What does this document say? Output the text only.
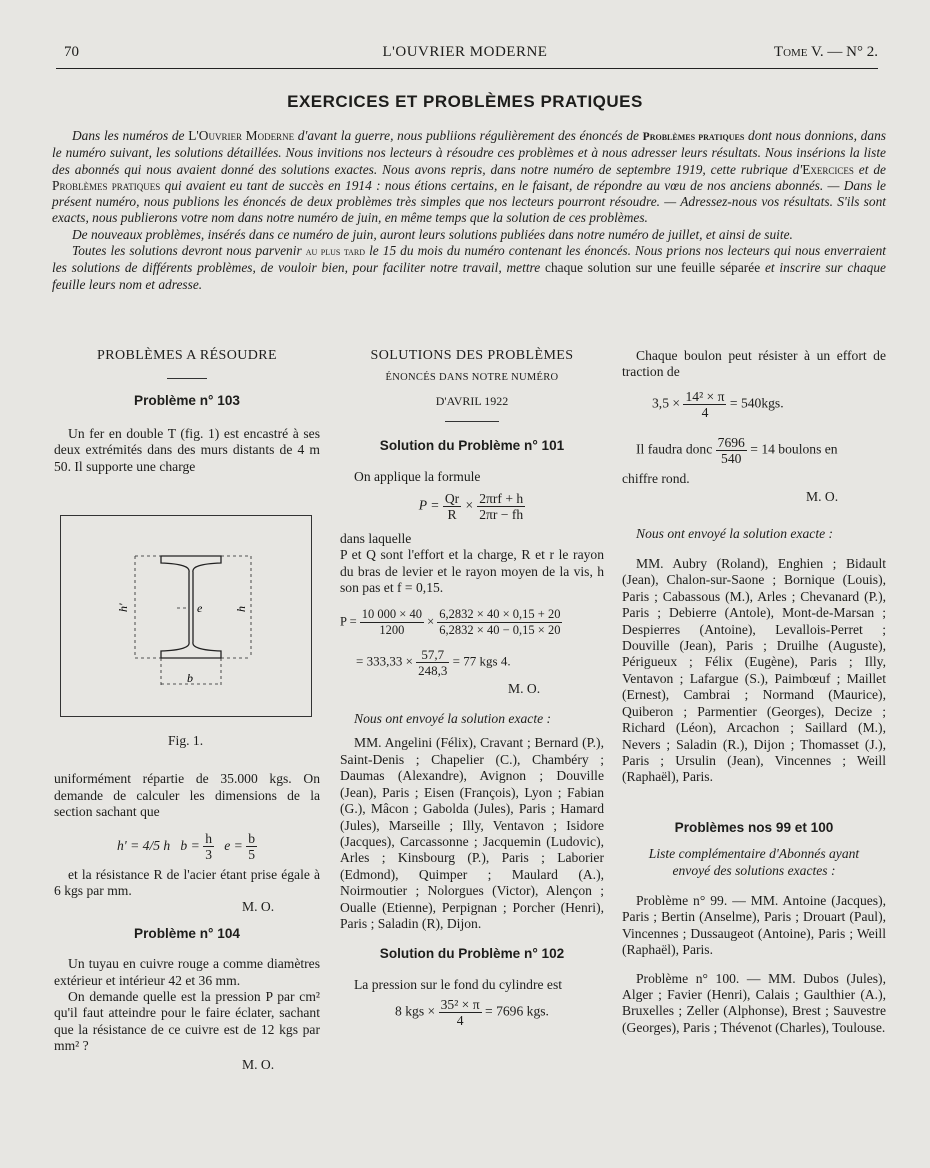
70	L'OUVRIER MODERNE	Tome V. — N° 2.
EXERCICES ET PROBLÈMES PRATIQUES

Dans les numéros de L'Ouvrier Moderne d'avant la guerre, nous publiions régulièrement des énoncés de Problèmes pratiques dont nous donnions, dans le numéro suivant, les solutions détaillées. Nous invitions nos lecteurs à résoudre ces problèmes et à nous adresser leurs résultats. Nous insérions la liste des abonnés qui nous avaient donné des solutions exactes. Nous avons repris, dans notre numéro de septembre 1919, cette rubrique d'Exercices et de Problèmes pratiques qui avaient eu tant de succès en 1914 : nous étions certains, en le faisant, de répondre au vœu de nos anciens abonnés. — Dans le présent numéro, nous publions les énoncés de deux problèmes très simples que nos lecteurs pourront résoudre. — Adressez-nous vos résultats. S'ils sont exacts, nous publierons votre nom dans notre numéro de juin, en même temps que la solution de ces problèmes.

De nouveaux problèmes, insérés dans ce numéro de juin, auront leurs solutions publiées dans notre numéro de juillet, et ainsi de suite.

Toutes les solutions devront nous parvenir au plus tard le 15 du mois du numéro contenant les énoncés. Nous prions nos lecteurs qui nous enverraient les solutions de différents problèmes, de vouloir bien, pour faciliter notre travail, mettre chaque solution sur une feuille séparée et inscrire sur chaque feuille leurs nom et adresse.

PROBLÈMES A RÉSOUDRE
Problème n° 103

Un fer en double T (fig. 1) est encastré à ses deux extrémités dans des murs distants de 4 m 50. Il supporte une charge

h'	e	h
b
Fig. 1.

uniformément répartie de 35.000 kgs. On demande de calculer les dimensions de la section sachant que

h' = 4/5 h $b = \frac{h}{3}$ $e = \frac{b}{5}$

et la résistance R de l'acier étant prise égale à 6 kgs par mm.

M. O.
Problème n° 104

Un tuyau en cuivre rouge a comme diamètres extérieur et intérieur 42 et 36 mm.

On demande quelle est la pression P par cm² qu'il faut atteindre pour le faire éclater, sachant que la résistance de ce cuivre est de 12 kgs par mm² ?

M. O.
SOLUTIONS DES PROBLÈMES
ÉNONCÉS DANS NOTRE NUMÉRO
D'AVRIL 1922
Solution du Problème n° 101

On applique la formule

$P = \frac{Qr}{R} \times \frac{\text{2πrf + h}}{2\pi r - fh}$

dans laquelle

P et Q sont l'effort et la charge, R et r le rayon du bras de levier et le rayon moyen de la vis, h son pas et f = 0,15.

$P = \frac{10 000 \times 40}{1200} \times \frac{6,2832 \times 40 \times 0,15 + 20}{6,2832 \times 40 - 0,15 \times 20}$
= $333,33 \times \frac{57,7}{248,3} = 77$ kgs 4.
M. O.
Nous ont envoyé la solution exacte :

MM. Angelini (Félix), Cravant ; Bernard (P.), Saint-Denis ; Chapelier (C.), Chambéry ; Daumas (Alexandre), Avignon ; Douville (Jean), Paris ; Eisen (François), Lyon ; Fabian (G.), Mâcon ; Gabolda (Jules), Paris ; Hamard (Jules), Marseille ; Illy, Ventavon ; Isidore (Jacques), Carcassonne ; Jacquemin (Ludovic), Arles ; Kinsbourg (P.), Paris ; Laborier (Edmond), Quimper ; Maulard (A.), Noirmoutier ; Nolorgues (Victor), Alençon ; Oualle (Etienne), Perpignan ; Porcher (Henri), Paris ; Saladin (R), Dijon.

Solution du Problème n° 102

La pression sur le fond du cylindre est

8 kgs × $\frac{\text{35² × π}}{4} = 7696$ kgs.

Chaque boulon peut résister à un effort de traction de

$3,5 \times \frac{\text{14² × π}}{4} = 540kgs$.
Il faudra donc $\frac{7696}{540} = 14$ boulons en

chiffre rond.

M. O.
Nous ont envoyé la solution exacte :

MM. Aubry (Roland), Enghien ; Bidault (Jean), Chalon-sur-Saone ; Bornique (Louis), Paris ; Cabassous (M.), Arles ; Chevanard (P.), Paris ; Debierre (Antole), Mont-de-Marsan ; Despierres (Antoine), Levallois-Perret ; Douville (Jean), Paris ; Druilhe (Auguste), Périgueux ; Félix (Eugène), Paris ; Illy, Ventavon ; Lafargue (S.), Paimbœuf ; Maillet (Ernest), Cambrai ; Normand (Maurice), Quiberon ; Parmentier (Georges), Decize ; Richard (Léon), Arcachon ; Saillard (M.), Nevers ; Saladin (R.), Dijon ; Thomasset (J.), Paris ; Ursulin (Jean), Vincennes ; Weill (Raphaël), Paris.

Problèmes nos 99 et 100
Liste complémentaire d'Abonnés ayant envoyé des solutions exactes :

Problème n° 99. — MM. Antoine (Jacques), Paris ; Bertin (Anselme), Paris ; Drouart (Paul), Vincennes ; Dussaugeot (Antoine), Paris ; Weill (Raphaël), Paris.

Problème n° 100. — MM. Dubos (Jules), Alger ; Favier (Henri), Calais ; Gaulthier (A.), Bruxelles ; Zeller (Alphonse), Brest ; Sauvestre (Georges), Paris ; Thévenot (Charles), Toulouse.
